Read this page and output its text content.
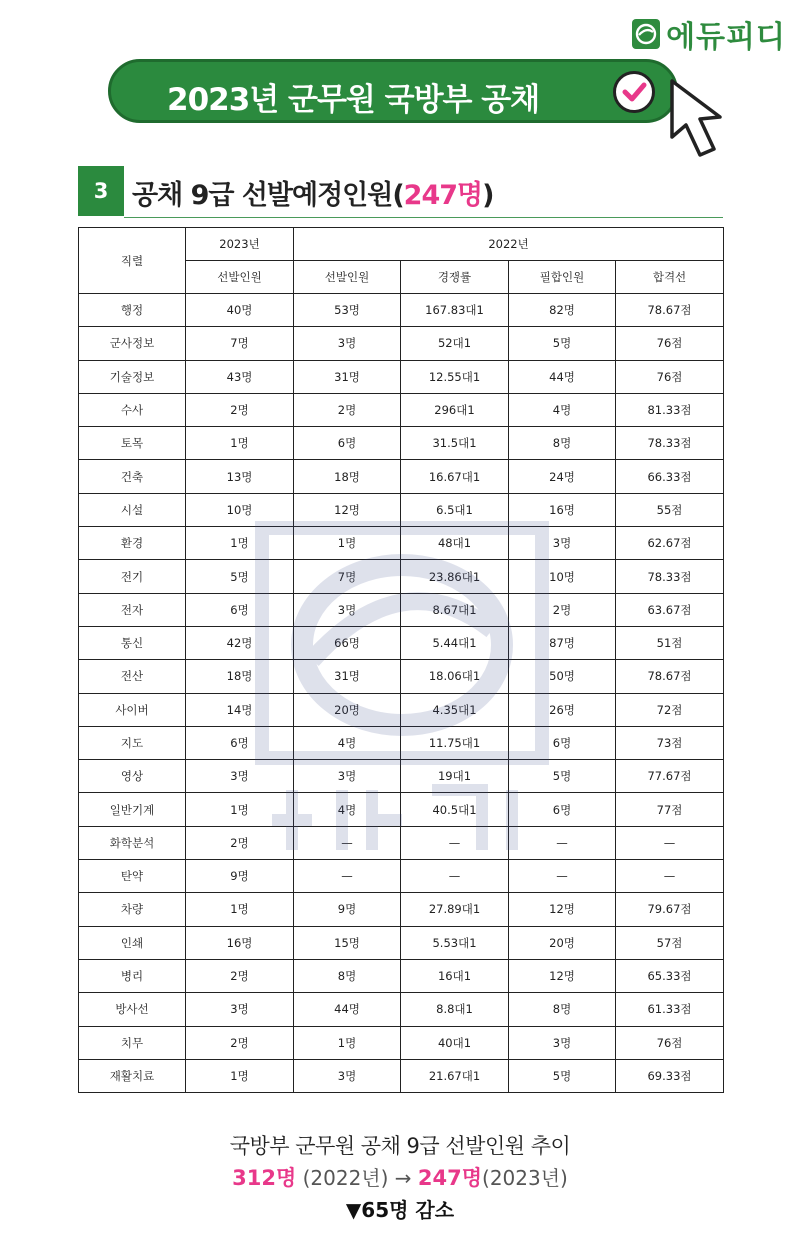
에듀피디
2023년 군무원 국방부 공채
3 공채 9급 선발예정인원(247명)
직렬	2023년	2022년			
	선발인원	선발인원	경쟁률	필합인원	합격선
행정	40명	53명	167.83대1	82명	78.67점
군사정보	7명	3명	52대1	5명	76점
기술정보	43명	31명	12.55대1	44명	76점
수사	2명	2명	296대1	4명	81.33점
토목	1명	6명	31.5대1	8명	78.33점
건축	13명	18명	16.67대1	24명	66.33점
시설	10명	12명	6.5대1	16명	55점
환경	1명	1명	48대1	3명	62.67점
전기	5명	7명	23.86대1	10명	78.33점
전자	6명	3명	8.67대1	2명	63.67점
통신	42명	66명	5.44대1	87명	51점
전산	18명	31명	18.06대1	50명	78.67점
사이버	14명	20명	4.35대1	26명	72점
지도	6명	4명	11.75대1	6명	73점
영상	3명	3명	19대1	5명	77.67점
일반기계	1명	4명	40.5대1	6명	77점
화학분석	2명	—	—	—	—
탄약	9명	—	—	—	—
차량	1명	9명	27.89대1	12명	79.67점
인쇄	16명	15명	5.53대1	20명	57점
병리	2명	8명	16대1	12명	65.33점
방사선	3명	44명	8.8대1	8명	61.33점
치무	2명	1명	40대1	3명	76점
재활치료	1명	3명	21.67대1	5명	69.33점
국방부 군무원 공채 9급 선발인원 추이
312명 (2022년) → 247명(2023년)
▼65명 감소
